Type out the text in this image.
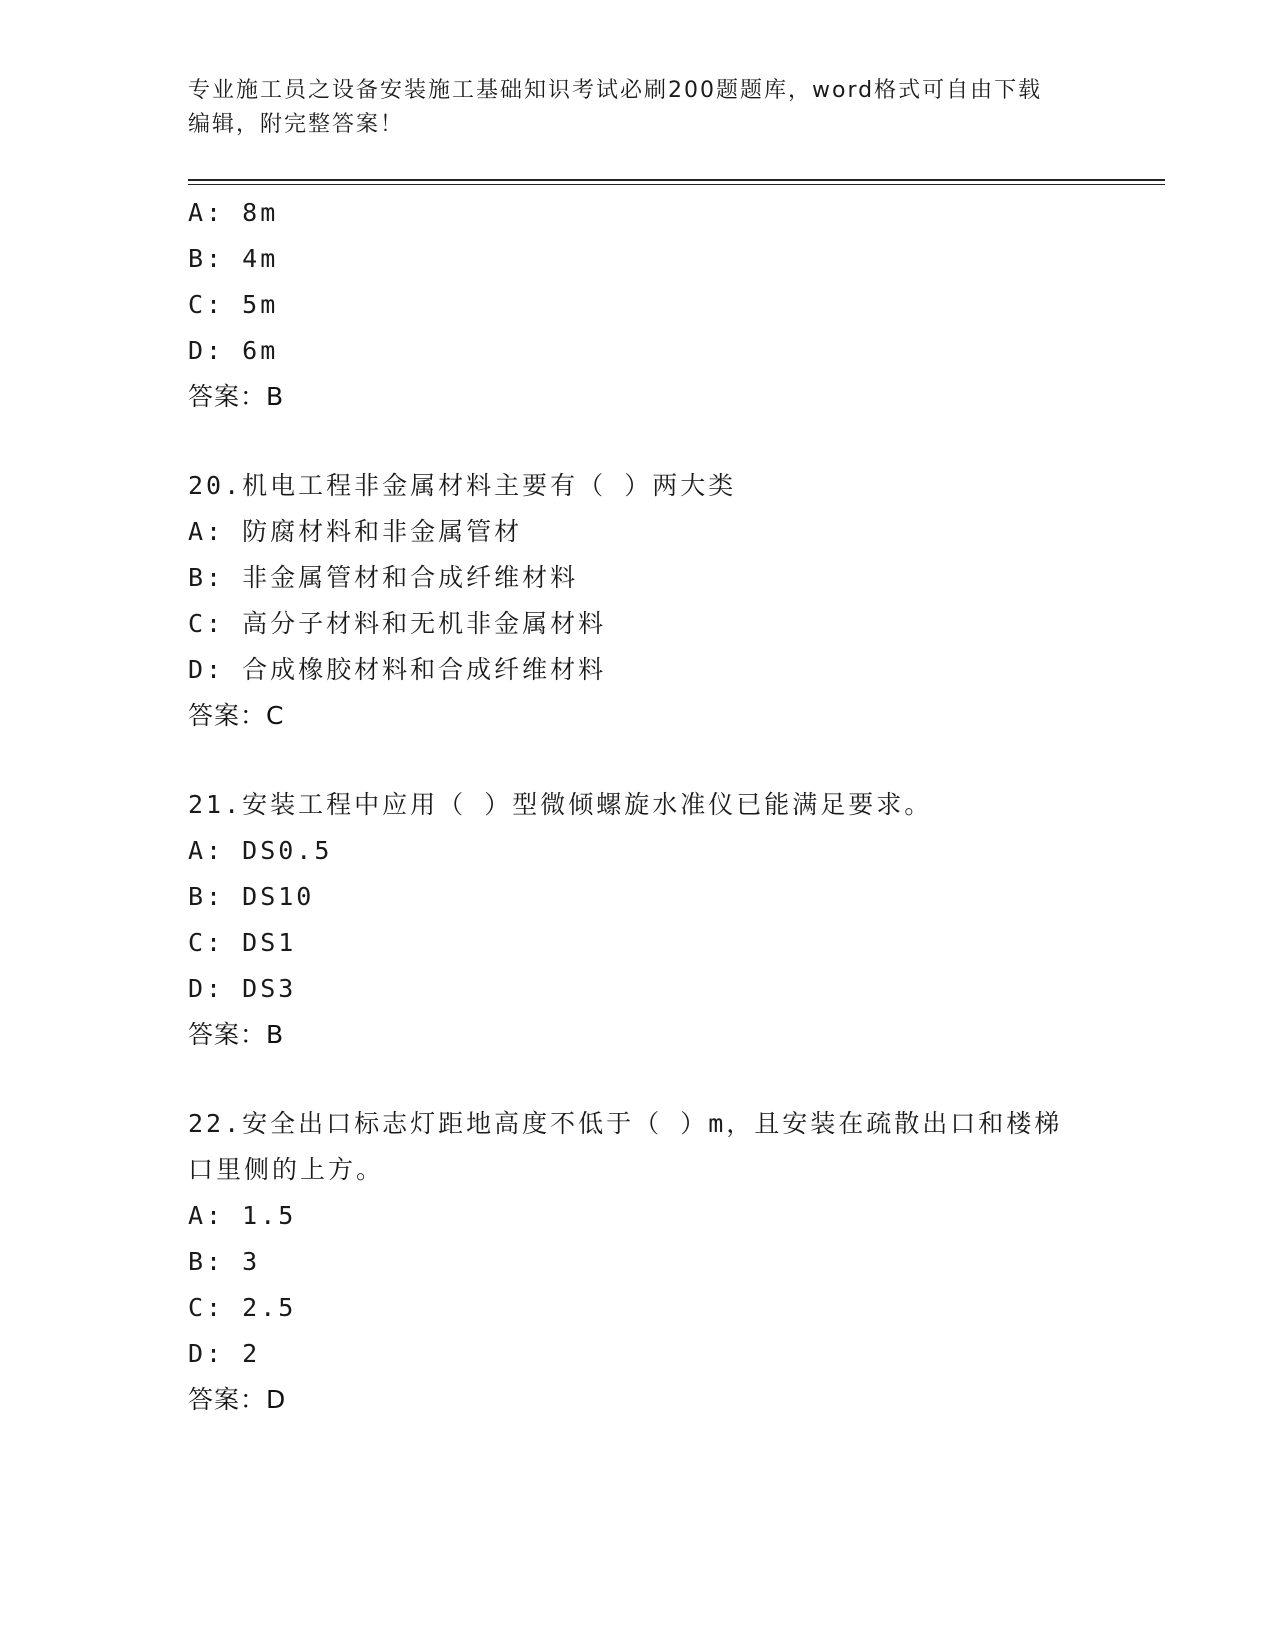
专业施工员之设备安装施工基础知识考试必刷200题题库，word格式可自由下载
编辑，附完整答案！
A: 8m
B: 4m
C: 5m
D: 6m
答案：B
20.机电工程非金属材料主要有（ ）两大类
A: 防腐材料和非金属管材
B: 非金属管材和合成纤维材料
C: 高分子材料和无机非金属材料
D: 合成橡胶材料和合成纤维材料
答案：C
21.安装工程中应用（ ）型微倾螺旋水准仪已能满足要求。
A: DS0.5
B: DS10
C: DS1
D: DS3
答案：B
22.安全出口标志灯距地高度不低于（ ）m，且安装在疏散出口和楼梯
口里侧的上方。
A: 1.5
B: 3
C: 2.5
D: 2
答案：D
